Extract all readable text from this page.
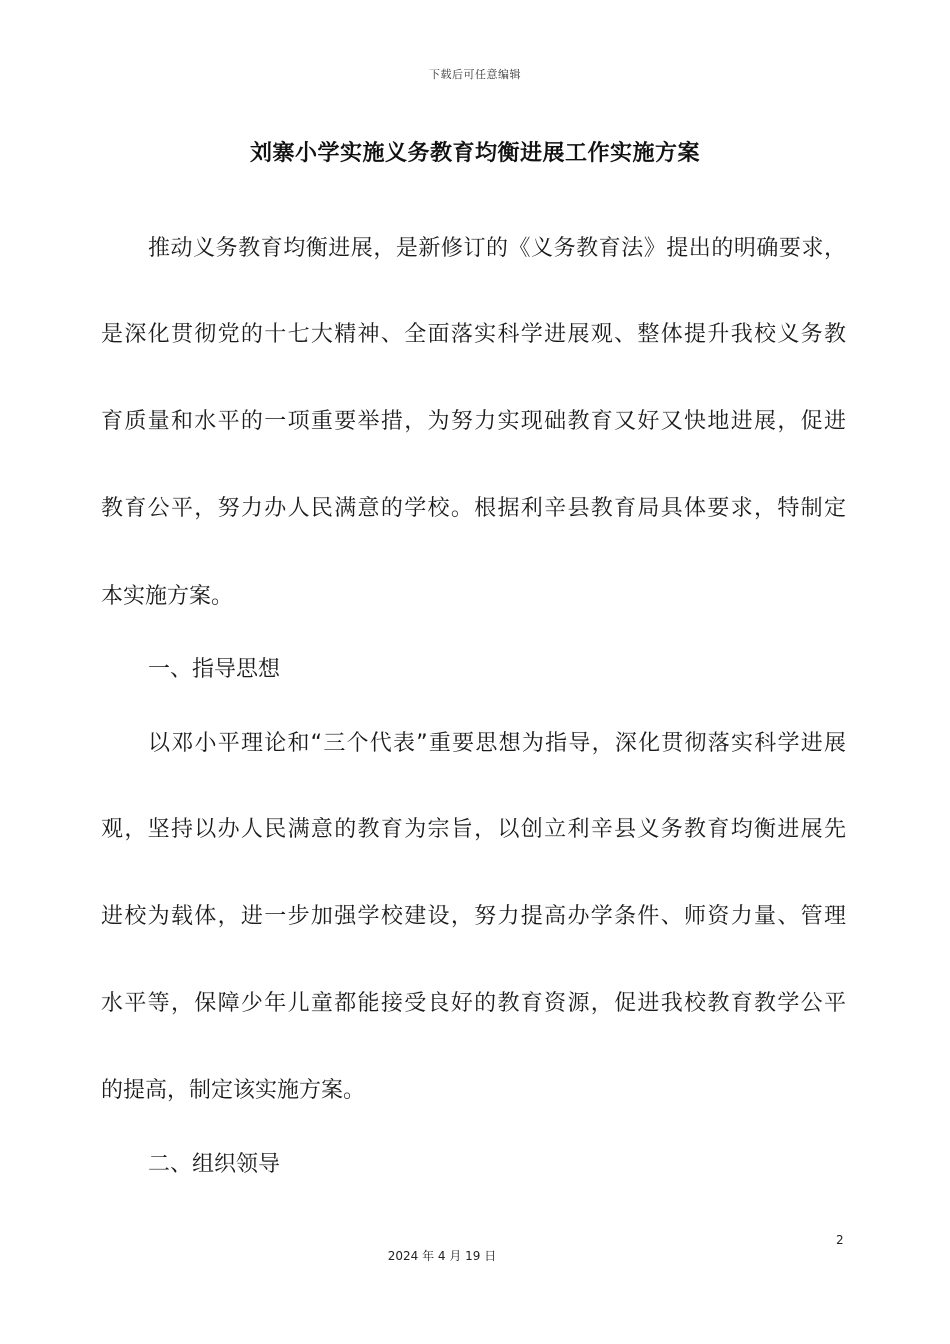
下载后可任意编辑
刘寨小学实施义务教育均衡进展工作实施方案
推动义务教育均衡进展，是新修订的《义务教育法》提出的明确要求，
是深化贯彻党的十七大精神、全面落实科学进展观、整体提升我校义务教
育质量和水平的一项重要举措，为努力实现础教育又好又快地进展，促进
教育公平，努力办人民满意的学校。根据利辛县教育局具体要求，特制定
本实施方案。
一、指导思想
以邓小平理论和“三个代表”重要思想为指导，深化贯彻落实科学进展
观，坚持以办人民满意的教育为宗旨，以创立利辛县义务教育均衡进展先
进校为载体，进一步加强学校建设，努力提高办学条件、师资力量、管理
水平等，保障少年儿童都能接受良好的教育资源，促进我校教育教学公平
的提高，制定该实施方案。
二、组织领导
2
2024 年 4 月 19 日
